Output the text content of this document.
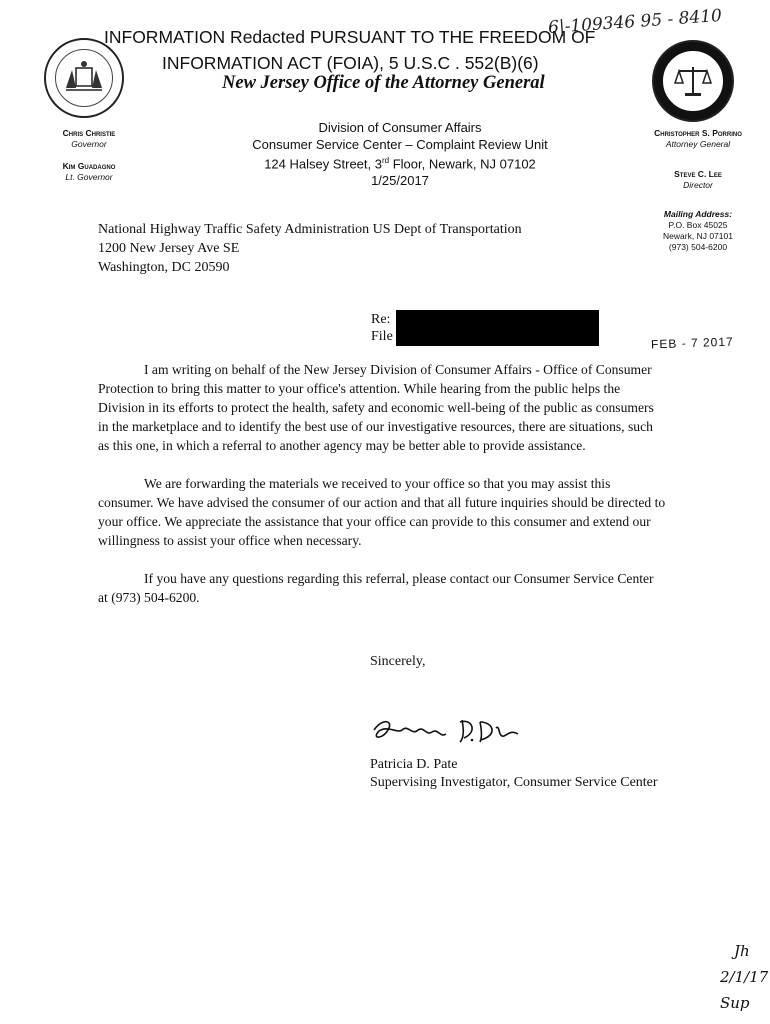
INFORMATION Redacted PURSUANT TO THE FREEDOM OF
6|-109346 95 - 8410
INFORMATION ACT (FOIA), 5 U.S.C . 552(B)(6)
New Jersey Office of the Attorney General
Chris Christie
Governor
Kim Guadagno
Lt. Governor
Division of Consumer Affairs
Consumer Service Center – Complaint Review Unit
124 Halsey Street, 3rd Floor, Newark, NJ 07102
1/25/2017
Christopher S. Porrino
Attorney General
Steve C. Lee
Director
Mailing Address:
P.O. Box 45025
Newark, NJ 07101
(973) 504-6200
National Highway Traffic Safety Administration US Dept of Transportation
1200 New Jersey Ave SE
Washington, DC 20590
Re:
File	FEB - 7 2017

I am writing on behalf of the New Jersey Division of Consumer Affairs - Office of Consumer Protection to bring this matter to your office's attention. While hearing from the public helps the Division in its efforts to protect the health, safety and economic well-being of the public as consumers in the marketplace and to identify the best use of our investigative resources, there are situations, such as this one, in which a referral to another agency may be better able to provide assistance.

We are forwarding the materials we received to your office so that you may assist this consumer. We have advised the consumer of our action and that all future inquiries should be directed to your office. We appreciate the assistance that your office can provide to this consumer and extend our willingness to assist your office when necessary.

If you have any questions regarding this referral, please contact our Consumer Service Center at (973) 504-6200.

Sincerely,
Patricia D. Pate
Supervising Investigator, Consumer Service Center
Jh
2/1/17
Sup
